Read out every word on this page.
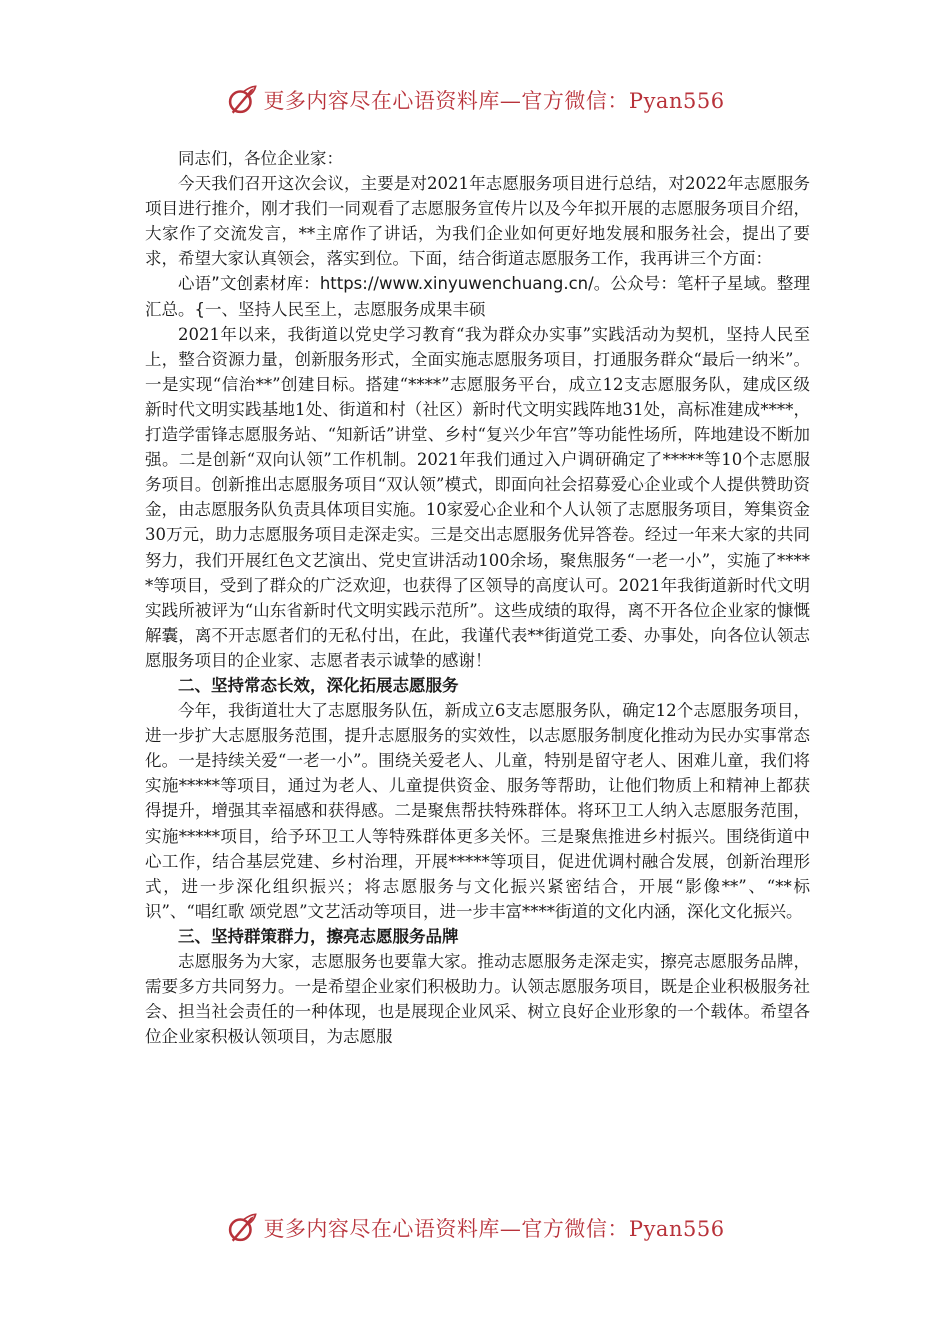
更多内容尽在心语资料库—官方微信：Pyan556

同志们，各位企业家：

今天我们召开这次会议，主要是对2021年志愿服务项目进行总结，对2022年志愿服务项目进行推介，刚才我们一同观看了志愿服务宣传片以及今年拟开展的志愿服务项目介绍，大家作了交流发言，**主席作了讲话，为我们企业如何更好地发展和服务社会，提出了要求，希望大家认真领会，落实到位。下面，结合街道志愿服务工作，我再讲三个方面：

心语”文创素材库：https://www.xinyuwenchuang.cn/。公众号：笔杆子星域。整理汇总。{一、坚持人民至上，志愿服务成果丰硕

2021年以来，我街道以党史学习教育“我为群众办实事”实践活动为契机，坚持人民至上，整合资源力量，创新服务形式，全面实施志愿服务项目，打通服务群众“最后一纳米”。一是实现“信治**”创建目标。搭建“****”志愿服务平台，成立12支志愿服务队，建成区级新时代文明实践基地1处、街道和村（社区）新时代文明实践阵地31处，高标准建成****，打造学雷锋志愿服务站、“知新话”讲堂、乡村“复兴少年宫”等功能性场所，阵地建设不断加强。二是创新“双向认领”工作机制。2021年我们通过入户调研确定了*****等10个志愿服务项目。创新推出志愿服务项目“双认领”模式，即面向社会招募爱心企业或个人提供赞助资金，由志愿服务队负责具体项目实施。10家爱心企业和个人认领了志愿服务项目，筹集资金30万元，助力志愿服务项目走深走实。三是交出志愿服务优异答卷。经过一年来大家的共同努力，我们开展红色文艺演出、党史宣讲活动100余场，聚焦服务“一老一小”，实施了*****等项目，受到了群众的广泛欢迎，也获得了区领导的高度认可。2021年我街道新时代文明实践所被评为“山东省新时代文明实践示范所”。这些成绩的取得，离不开各位企业家的慷慨解囊，离不开志愿者们的无私付出，在此，我谨代表**街道党工委、办事处，向各位认领志愿服务项目的企业家、志愿者表示诚挚的感谢！

二、坚持常态长效，深化拓展志愿服务

今年，我街道壮大了志愿服务队伍，新成立6支志愿服务队，确定12个志愿服务项目，进一步扩大志愿服务范围，提升志愿服务的实效性，以志愿服务制度化推动为民办实事常态化。一是持续关爱“一老一小”。围绕关爱老人、儿童，特别是留守老人、困难儿童，我们将实施*****等项目，通过为老人、儿童提供资金、服务等帮助，让他们物质上和精神上都获得提升，增强其幸福感和获得感。二是聚焦帮扶特殊群体。将环卫工人纳入志愿服务范围，实施*****项目，给予环卫工人等特殊群体更多关怀。三是聚焦推进乡村振兴。围绕街道中心工作，结合基层党建、乡村治理，开展*****等项目，促进优调村融合发展，创新治理形式，进一步深化组织振兴；将志愿服务与文化振兴紧密结合，开展“影像**”、“**标识”、“唱红歌 颂党恩”文艺活动等项目，进一步丰富****街道的文化内涵，深化文化振兴。

三、坚持群策群力，擦亮志愿服务品牌

志愿服务为大家，志愿服务也要靠大家。推动志愿服务走深走实，擦亮志愿服务品牌，需要多方共同努力。一是希望企业家们积极助力。认领志愿服务项目，既是企业积极服务社会、担当社会责任的一种体现，也是展现企业风采、树立良好企业形象的一个载体。希望各位企业家积极认领项目，为志愿服

更多内容尽在心语资料库—官方微信：Pyan556
